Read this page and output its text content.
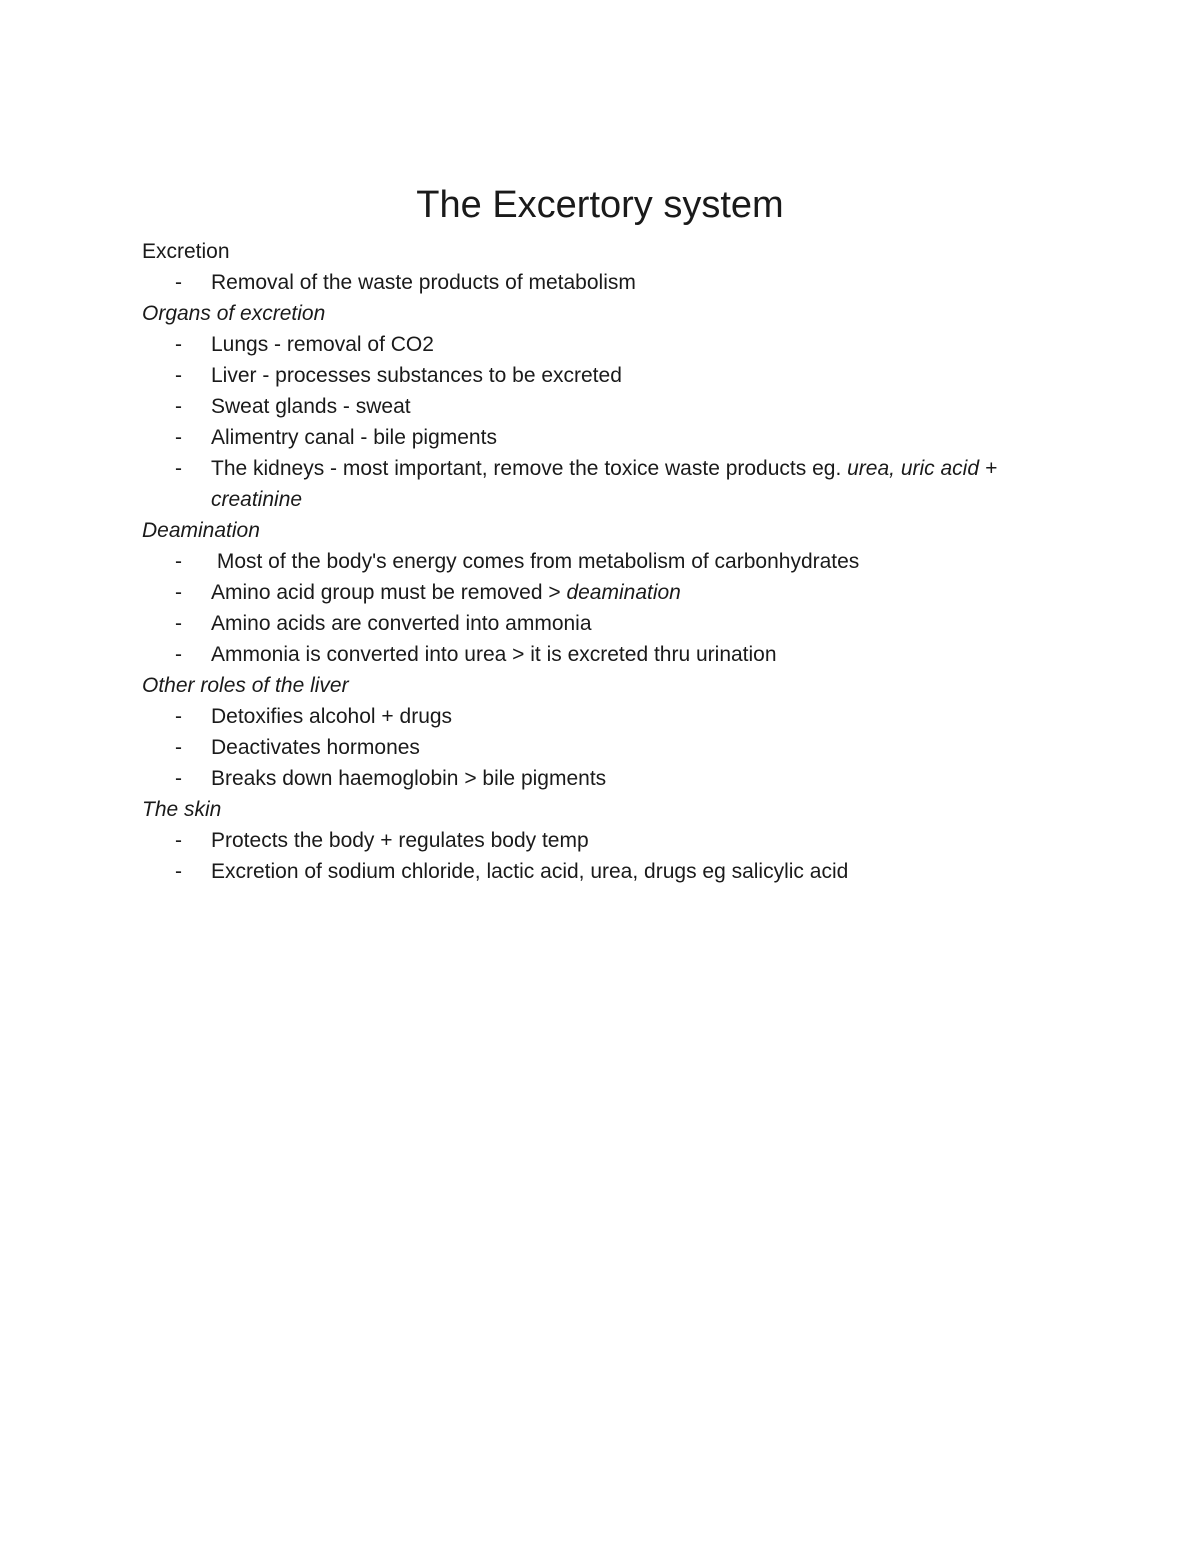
The Excertory system
Excretion
- Removal of the waste products of metabolism
Organs of excretion
- Lungs - removal of CO2
- Liver - processes substances to be excreted
- Sweat glands - sweat
- Alimentry canal - bile pigments
- The kidneys - most important, remove the toxice waste products eg. urea, uric acid + creatinine
Deamination
- Most of the body's energy comes from metabolism of carbonhydrates
- Amino acid group must be removed > deamination
- Amino acids are converted into ammonia
- Ammonia is converted into urea > it is excreted thru urination
Other roles of the liver
- Detoxifies alcohol + drugs
- Deactivates hormones
- Breaks down haemoglobin > bile pigments
The skin
- Protects the body + regulates body temp
- Excretion of sodium chloride, lactic acid, urea, drugs eg salicylic acid
